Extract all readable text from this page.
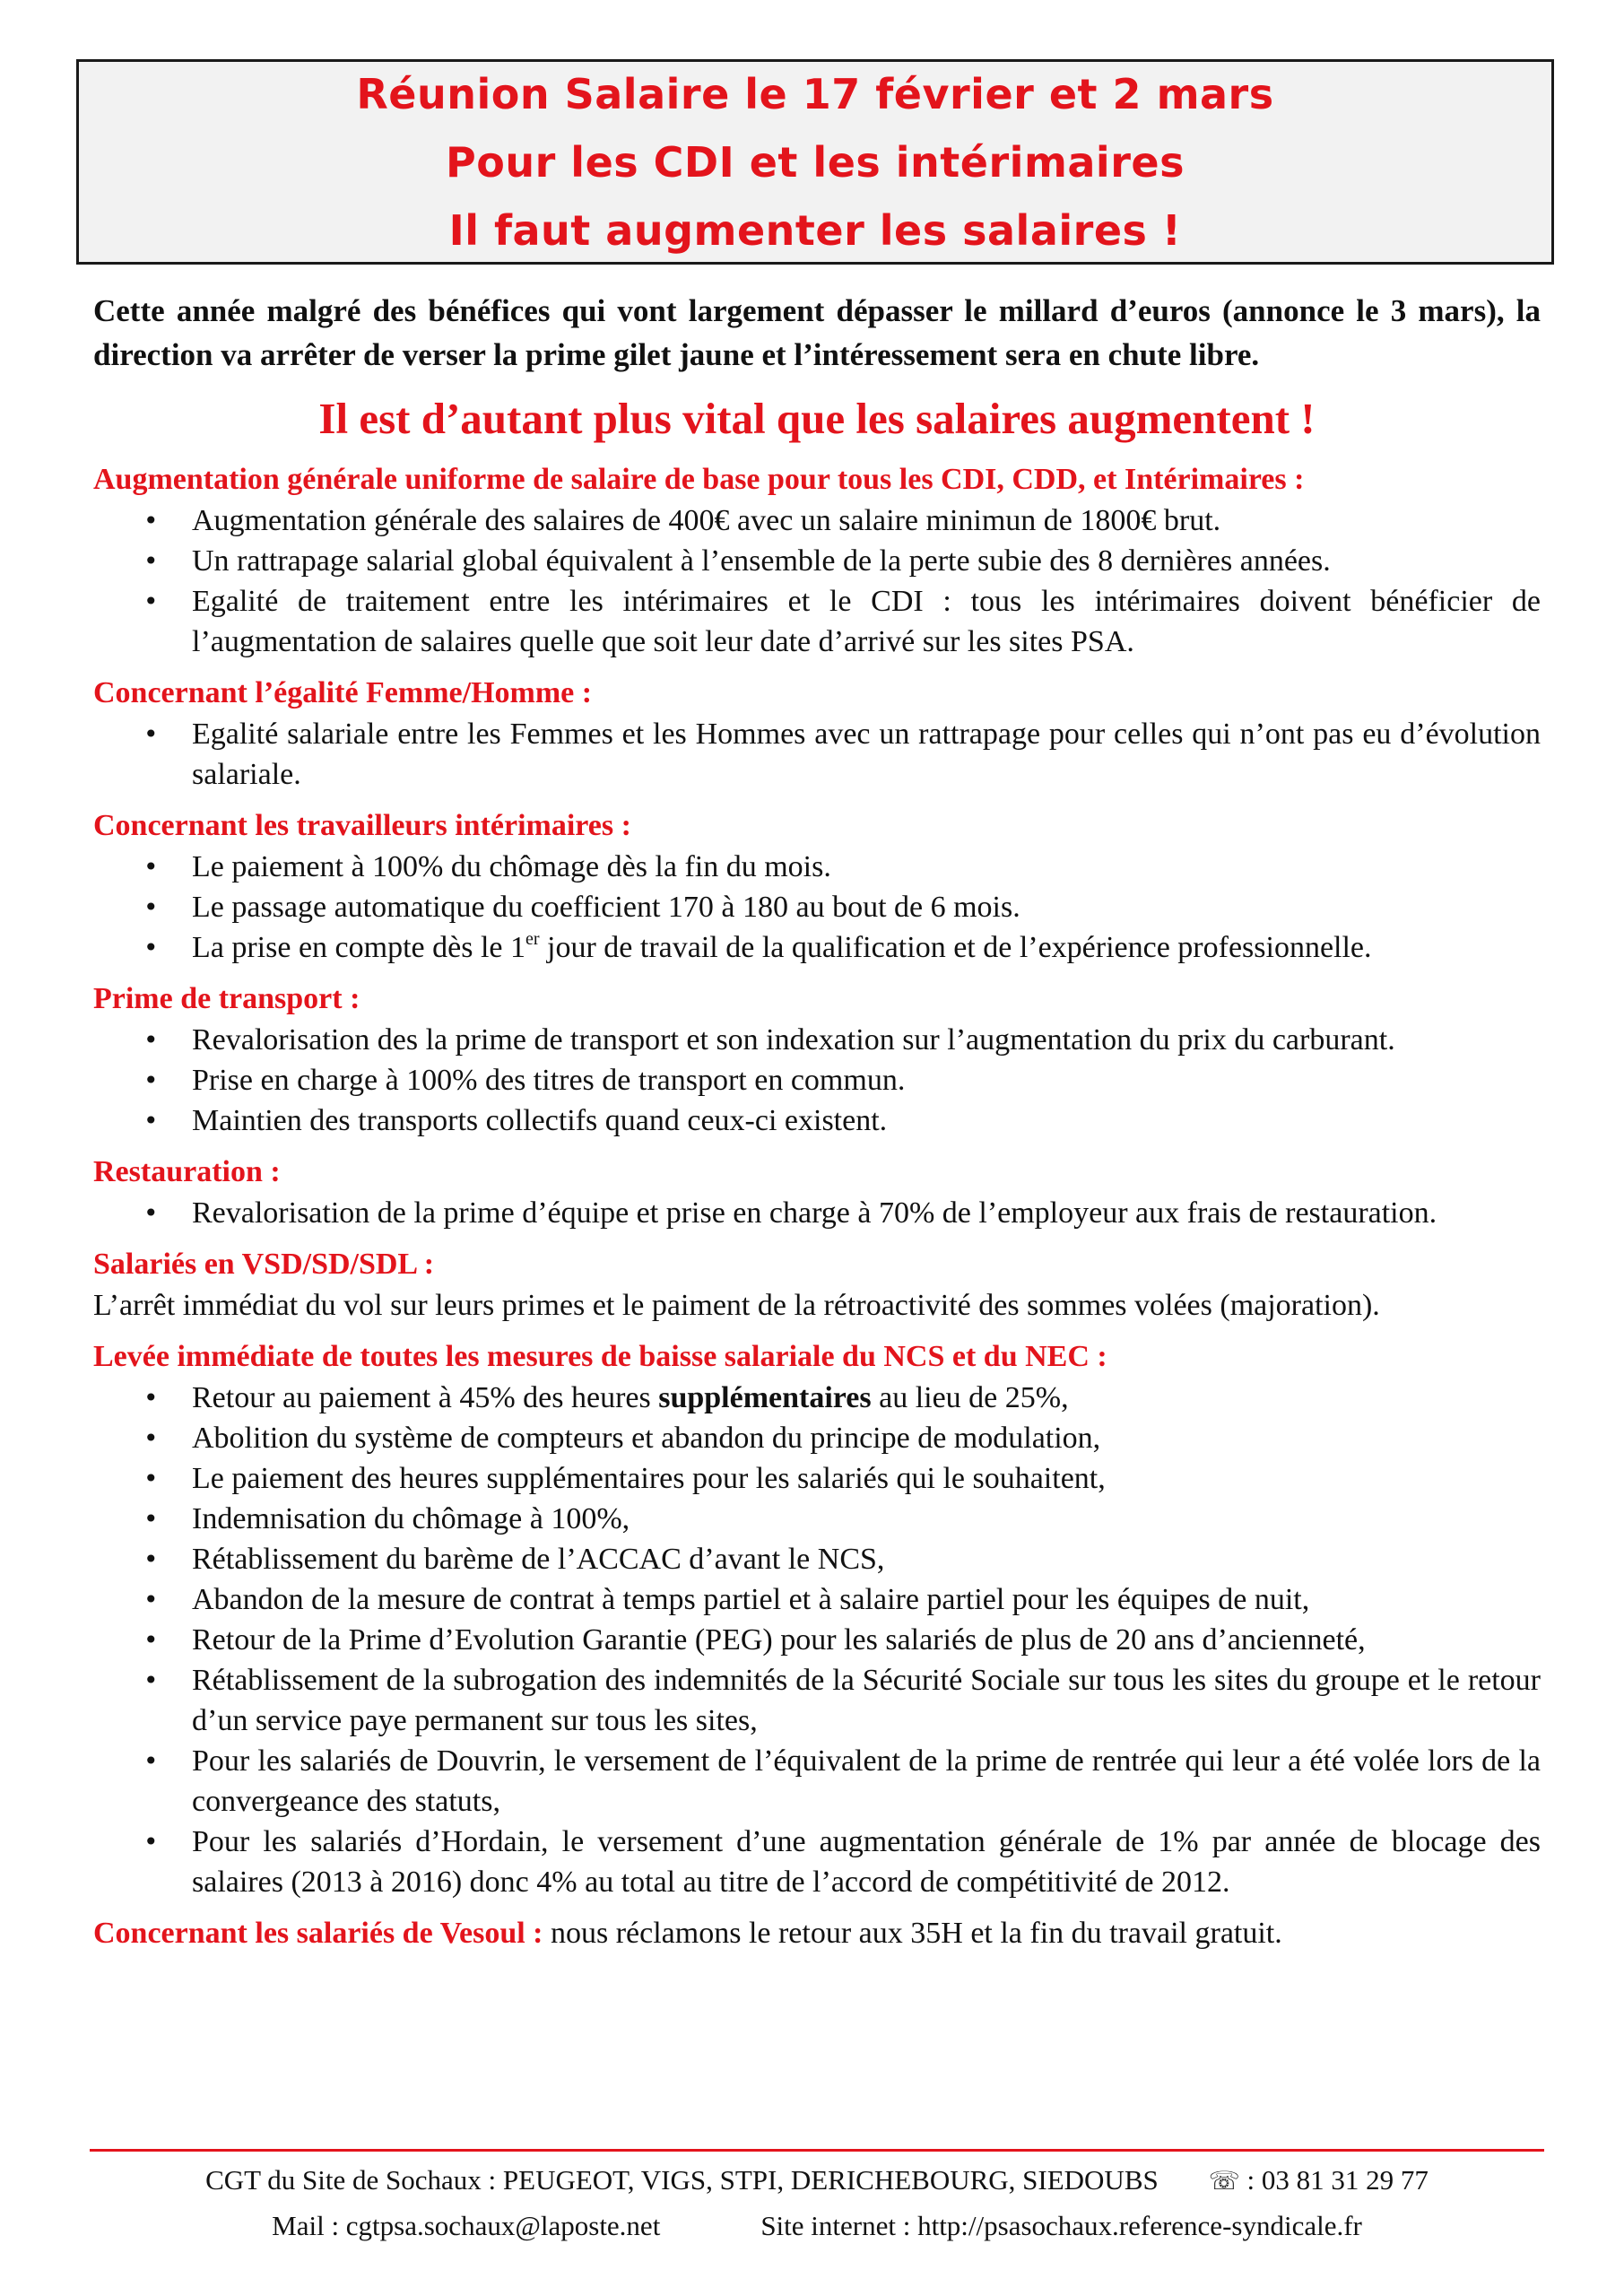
Réunion Salaire le 17 février et 2 mars
Pour les CDI et les intérimaires
Il faut augmenter les salaires !

Cette année malgré des bénéfices qui vont largement dépasser le millard d’euros (annonce le 3 mars), la direction va arrêter de verser la prime gilet jaune et l’intéressement sera en chute libre.

Il est d’autant plus vital que les salaires augmentent !

Augmentation générale uniforme de salaire de base pour tous les CDI, CDD, et Intérimaires :

• Augmentation générale des salaires de 400€ avec un salaire minimun de 1800€ brut.
• Un rattrapage salarial global équivalent à l’ensemble de la perte subie des 8 dernières années.
• Egalité de traitement entre les intérimaires et le CDI : tous les intérimaires doivent bénéficier de l’augmentation de salaires quelle que soit leur date d’arrivé sur les sites PSA.

Concernant l’égalité Femme/Homme :

• Egalité salariale entre les Femmes et les Hommes avec un rattrapage pour celles qui n’ont pas eu d’évolution salariale.

Concernant les travailleurs intérimaires :

• Le paiement à 100% du chômage dès la fin du mois.
• Le passage automatique du coefficient 170 à 180 au bout de 6 mois.
• La prise en compte dès le 1er jour de travail de la qualification et de l’expérience professionnelle.

Prime de transport :

• Revalorisation des la prime de transport et son indexation sur l’augmentation du prix du carburant.
• Prise en charge à 100% des titres de transport en commun.
• Maintien des transports collectifs quand ceux-ci existent.

Restauration :

• Revalorisation de la prime d’équipe et prise en charge à 70% de l’employeur aux frais de restauration.

Salariés en VSD/SD/SDL :

L’arrêt immédiat du vol sur leurs primes et le paiment de la rétroactivité des sommes volées (majoration).

Levée immédiate de toutes les mesures de baisse salariale du NCS et du NEC :

• Retour au paiement à 45% des heures supplémentaires au lieu de 25%,
• Abolition du système de compteurs et abandon du principe de modulation,
• Le paiement des heures supplémentaires pour les salariés qui le souhaitent,
• Indemnisation du chômage à 100%,
• Rétablissement du barème de l’ACCAC d’avant le NCS,
• Abandon de la mesure de contrat à temps partiel et à salaire partiel pour les équipes de nuit,
• Retour de la Prime d’Evolution Garantie (PEG) pour les salariés de plus de 20 ans d’ancienneté,
• Rétablissement de la subrogation des indemnités de la Sécurité Sociale sur tous les sites du groupe et le retour d’un service paye permanent sur tous les sites,
• Pour les salariés de Douvrin, le versement de l’équivalent de la prime de rentrée qui leur a été volée lors de la convergeance des statuts,
• Pour les salariés d’Hordain, le versement d’une augmentation générale de 1% par année de blocage des salaires (2013 à 2016) donc 4% au total au titre de l’accord de compétitivité de 2012.

Concernant les salariés de Vesoul : nous réclamons le retour aux 35H et la fin du travail gratuit.

CGT du Site de Sochaux : PEUGEOT, VIGS, STPI, DERICHEBOURG, SIEDOUBS ☏ : 03 81 31 29 77
Mail : cgtpsa.sochaux@laposte.net	Site internet : http://psasochaux.reference-syndicale.fr
